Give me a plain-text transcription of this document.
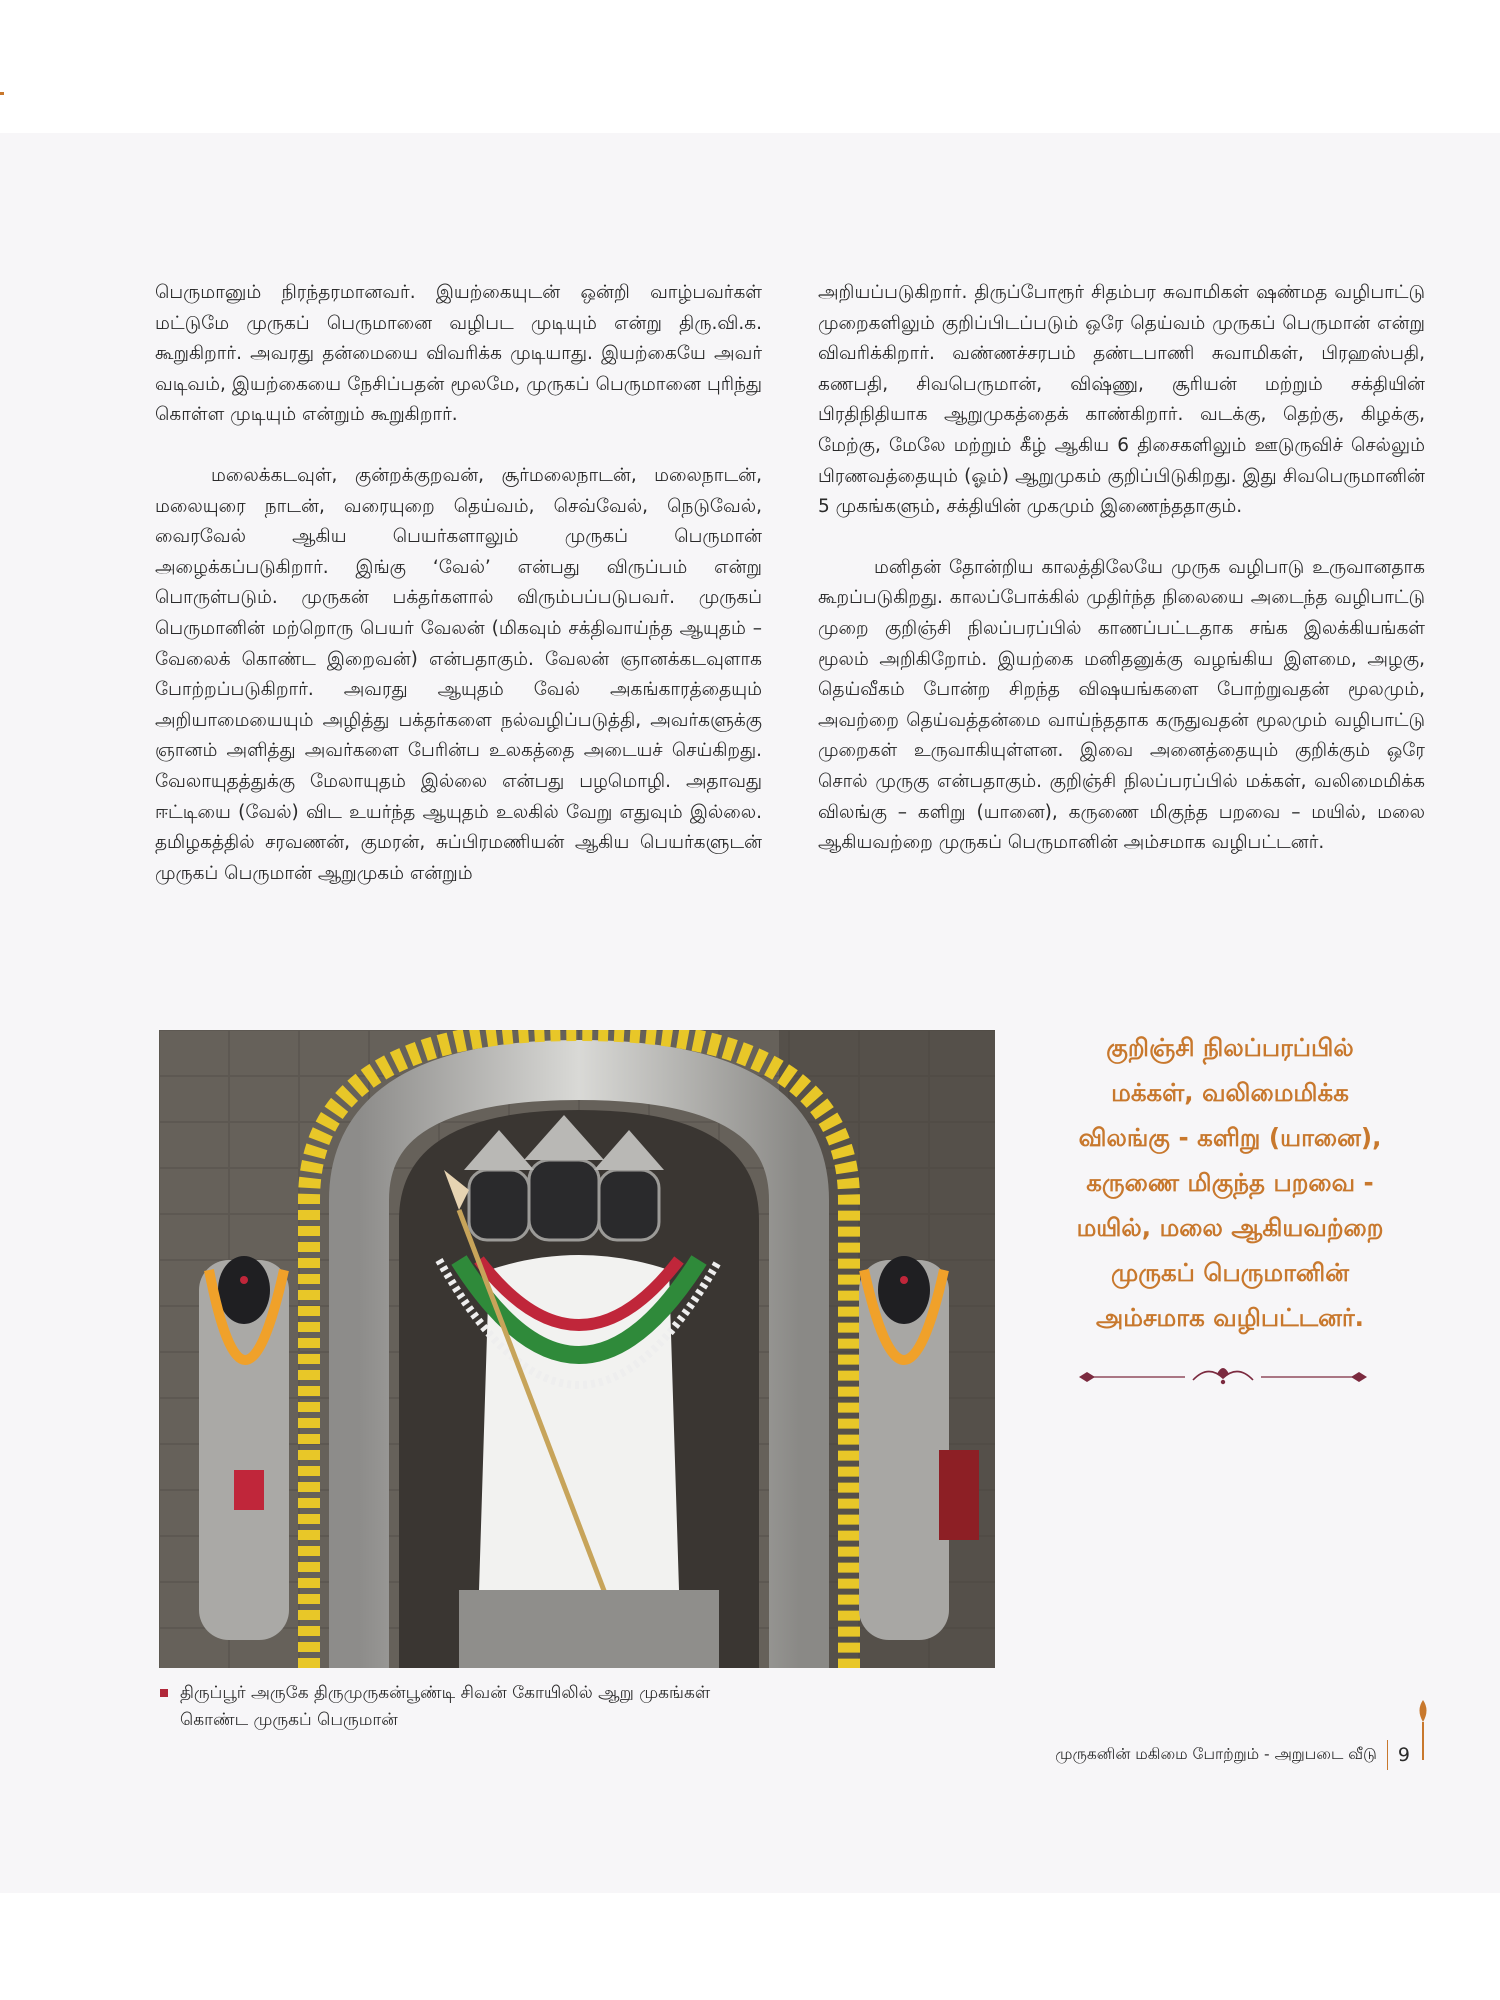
பெருமானும் நிரந்தரமானவர். இயற்கையுடன் ஒன்றி வாழ்பவர்கள் மட்டுமே முருகப் பெருமானை வழிபட முடியும் என்று திரு.வி.க. கூறுகிறார். அவரது தன்மையை விவரிக்க முடியாது. இயற்கையே அவர் வடிவம், இயற்கையை நேசிப்பதன் மூலமே, முருகப் பெருமானை புரிந்து கொள்ள முடியும் என்றும் கூறுகிறார்.

மலைக்கடவுள், குன்றக்குறவன், சூர்மலைநாடன், மலைநாடன், மலையுரை நாடன், வரையுறை தெய்வம், செவ்வேல், நெடுவேல், வைரவேல் ஆகிய பெயர்களாலும் முருகப் பெருமான் அழைக்கப்படுகிறார். இங்கு ‘வேல்’ என்பது விருப்பம் என்று பொருள்படும். முருகன் பக்தர்களால் விரும்பப்படுபவர். முருகப் பெருமானின் மற்றொரு பெயர் வேலன் (மிகவும் சக்திவாய்ந்த ஆயுதம் – வேலைக் கொண்ட இறைவன்) என்பதாகும். வேலன் ஞானக்கடவுளாக போற்றப்படுகிறார். அவரது ஆயுதம் வேல் அகங்காரத்தையும் அறியாமையையும் அழித்து பக்தர்களை நல்வழிப்படுத்தி, அவர்களுக்கு ஞானம் அளித்து அவர்களை பேரின்ப உலகத்தை அடையச் செய்கிறது. வேலாயுதத்துக்கு மேலாயுதம் இல்லை என்பது பழமொழி. அதாவது ஈட்டியை (வேல்) விட உயர்ந்த ஆயுதம் உலகில் வேறு எதுவும் இல்லை. தமிழகத்தில் சரவணன், குமரன், சுப்பிரமணியன் ஆகிய பெயர்களுடன் முருகப் பெருமான் ஆறுமுகம் என்றும்

அறியப்படுகிறார். திருப்போரூர் சிதம்பர சுவாமிகள் ஷண்மத வழிபாட்டு முறைகளிலும் குறிப்பிடப்படும் ஒரே தெய்வம் முருகப் பெருமான் என்று விவரிக்கிறார். வண்ணச்சரபம் தண்டபாணி சுவாமிகள், பிரஹஸ்பதி, கணபதி, சிவபெருமான், விஷ்ணு, சூரியன் மற்றும் சக்தியின் பிரதிநிதியாக ஆறுமுகத்தைக் காண்கிறார். வடக்கு, தெற்கு, கிழக்கு, மேற்கு, மேலே மற்றும் கீழ் ஆகிய 6 திசைகளிலும் ஊடுருவிச் செல்லும் பிரணவத்தையும் (ஓம்) ஆறுமுகம் குறிப்பிடுகிறது. இது சிவபெருமானின் 5 முகங்களும், சக்தியின் முகமும் இணைந்ததாகும்.

மனிதன் தோன்றிய காலத்திலேயே முருக வழிபாடு உருவானதாக கூறப்படுகிறது. காலப்போக்கில் முதிர்ந்த நிலையை அடைந்த வழிபாட்டு முறை குறிஞ்சி நிலப்பரப்பில் காணப்பட்டதாக சங்க இலக்கியங்கள் மூலம் அறிகிறோம். இயற்கை மனிதனுக்கு வழங்கிய இளமை, அழகு, தெய்வீகம் போன்ற சிறந்த விஷயங்களை போற்றுவதன் மூலமும், அவற்றை தெய்வத்தன்மை வாய்ந்ததாக கருதுவதன் மூலமும் வழிபாட்டு முறைகள் உருவாகியுள்ளன. இவை அனைத்தையும் குறிக்கும் ஒரே சொல் முருகு என்பதாகும். குறிஞ்சி நிலப்பரப்பில் மக்கள், வலிமைமிக்க விலங்கு – களிறு (யானை), கருணை மிகுந்த பறவை – மயில், மலை ஆகியவற்றை முருகப் பெருமானின் அம்சமாக வழிபட்டனர்.

திருப்பூர் அருகே திருமுருகன்பூண்டி சிவன் கோயிலில் ஆறு முகங்கள்
கொண்ட முருகப் பெருமான்
குறிஞ்சி நிலப்பரப்பில்
மக்கள், வலிமைமிக்க
விலங்கு - களிறு (யானை),
கருணை மிகுந்த பறவை -
மயில், மலை ஆகியவற்றை
முருகப் பெருமானின்
அம்சமாக வழிபட்டனர்.
முருகனின் மகிமை போற்றும் - அறுபடை வீடு 9
